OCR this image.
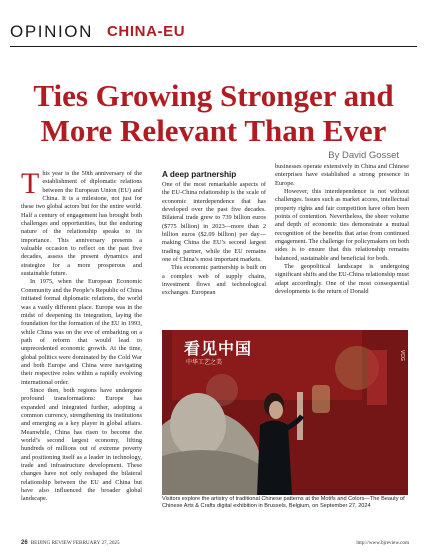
OPINION CHINA-EU
Ties Growing Stronger and
More Relevant Than Ever
By David Gosset

This year is the 50th anniversary of the establishment of diplomatic relations between the European Union (EU) and China. It is a milestone, not just for these two global actors but for the entire world. Half a century of engagement has brought both challenges and opportunities, but the enduring nature of the relationship speaks to its importance. This anniversary presents a valuable occasion to reflect on the past five decades, assess the present dynamics and strategize for a more prosperous and sustainable future.

In 1975, when the European Economic Community and the People’s Republic of China initiated formal diplomatic relations, the world was a vastly different place. Europe was in the midst of deepening its integration, laying the foundation for the formation of the EU in 1993, while China was on the eve of embarking on a path of reform that would lead to unprecedented economic growth. At the time, global politics were dominated by the Cold War and both Europe and China were navigating their respective roles within a rapidly evolving international order.

Since then, both regions have undergone profound transformations: Europe has expanded and integrated further, adopting a common currency, strengthening its institutions and emerging as a key player in global affairs. Meanwhile, China has risen to become the world’s second largest economy, lifting hundreds of millions out of extreme poverty and positioning itself as a leader in technology, trade and infrastructure development. These changes have not only reshaped the bilateral relationship between the EU and China but have also influenced the broader global landscape.

A deep partnership

One of the most remarkable aspects of the EU-China relationship is the scale of economic interdependence that has developed over the past five decades. Bilateral trade grew to 739 billion euros ($775 billion) in 2023—more than 2 billion euros ($2.09 billion) per day—making China the EU’s second largest trading partner, while the EU remains one of China’s most important markets.

This economic partnership is built on a complex web of supply chains, investment flows and technological exchanges. European

businesses operate extensively in China and Chinese enterprises have established a strong presence in Europe.

However, this interdependence is not without challenges. Issues such as market access, intellectual property rights and fair competition have often been points of contention. Nevertheless, the sheer volume and depth of economic ties demonstrate a mutual recognition of the benefits that arise from continued engagement. The challenge for policymakers on both sides is to ensure that this relationship remains balanced, sustainable and beneficial for both.

The geopolitical landscape is undergoing significant shifts and the EU-China relationship must adapt accordingly. One of the most consequential developments is the return of Donald

看见中国
中华工艺之美
VCG
Visitors explore the artistry of traditional Chinese patterns at the Motifs and Colors—The Beauty of Chinese Arts & Crafts digital exhibition in Brussels, Belgium, on September 27, 2024
26 BEIJING REVIEW FEBRUARY 27, 2025	http://www.bjreview.com
